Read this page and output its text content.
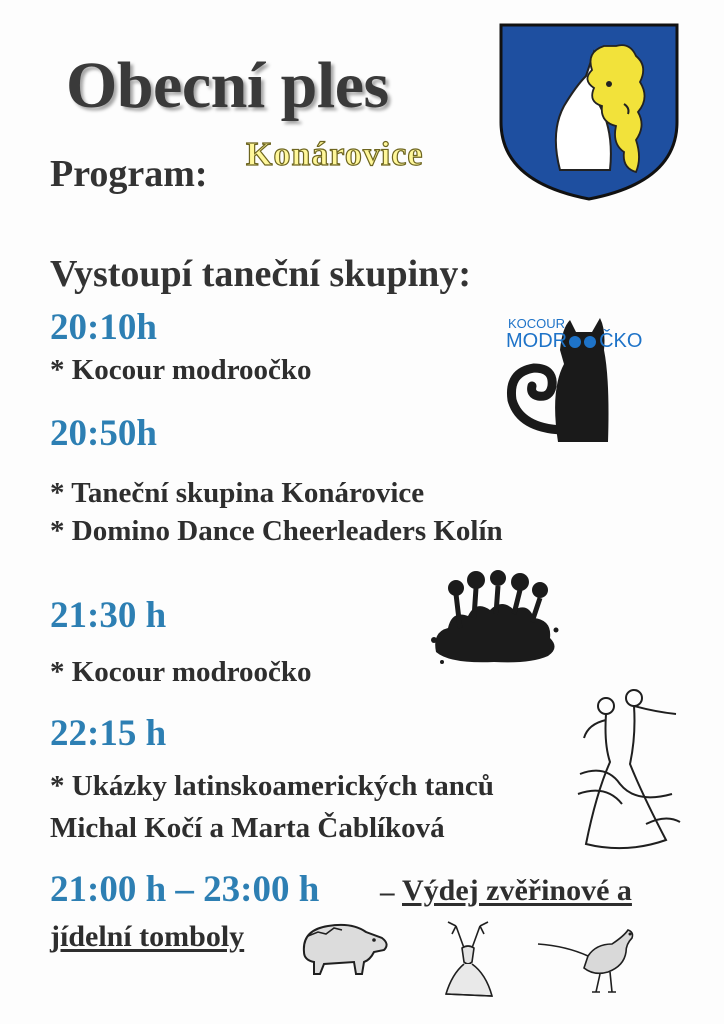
Obecní ples
Program: Konárovice
Vystoupí taneční skupiny:
20:10h
* Kocour modroočko
20:50h
* Taneční skupina Konárovice
* Domino Dance Cheerleaders Kolín
21:30 h
* Kocour modroočko
22:15 h
* Ukázky latinskoamerických tanců
Michal Kočí a Marta Čablíková
21:00 h – 23:00 h – Výdej zvěřinové a
jídelní tomboly
KOCOUR
MODR ČKO
